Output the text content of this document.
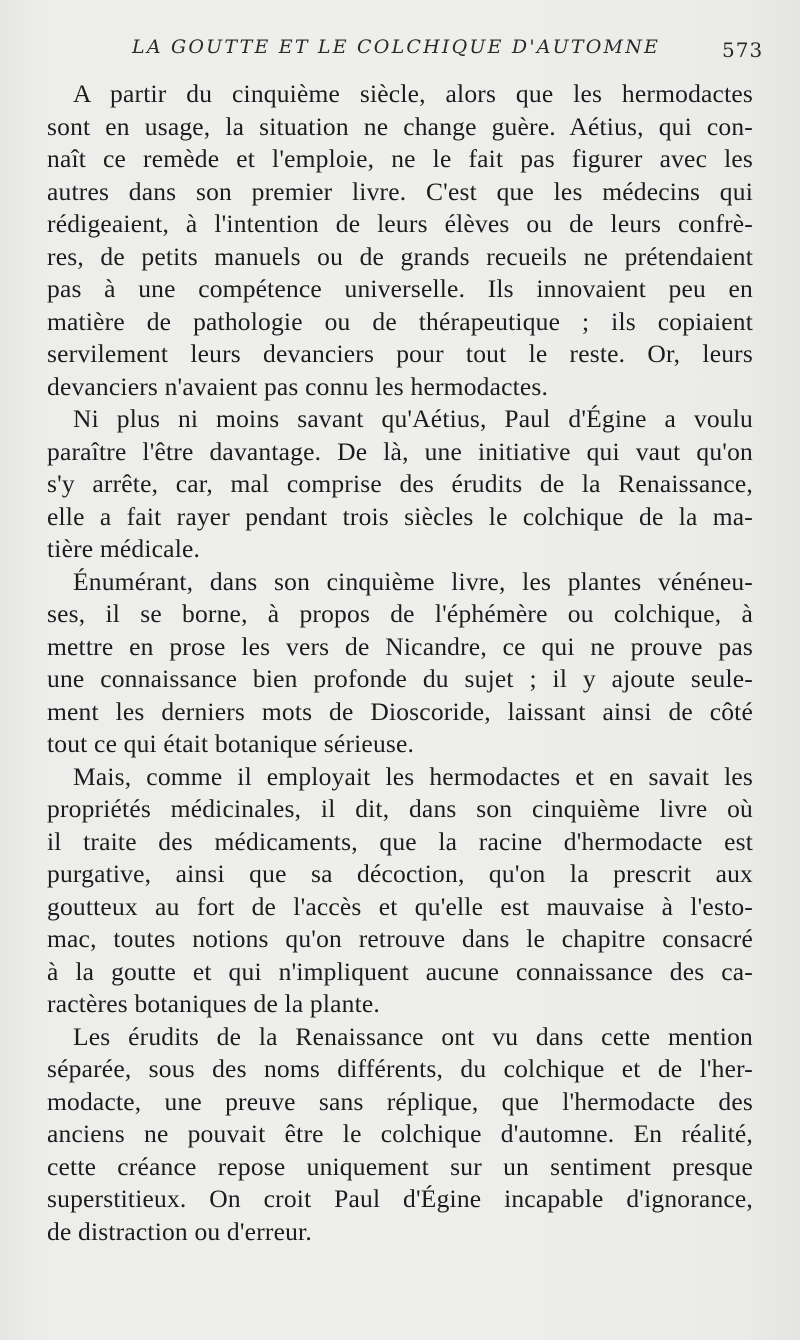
LA GOUTTE ET LE COLCHIQUE D'AUTOMNE	573
A partir du cinquième siècle, alors que les hermodactes
sont en usage, la situation ne change guère. Aétius, qui con-
naît ce remède et l'emploie, ne le fait pas figurer avec les
autres dans son premier livre. C'est que les médecins qui
rédigeaient, à l'intention de leurs élèves ou de leurs confrè-
res, de petits manuels ou de grands recueils ne prétendaient
pas à une compétence universelle. Ils innovaient peu en
matière de pathologie ou de thérapeutique ; ils copiaient
servilement leurs devanciers pour tout le reste. Or, leurs
devanciers n'avaient pas connu les hermodactes.
Ni plus ni moins savant qu'Aétius, Paul d'Égine a voulu
paraître l'être davantage. De là, une initiative qui vaut qu'on
s'y arrête, car, mal comprise des érudits de la Renaissance,
elle a fait rayer pendant trois siècles le colchique de la ma-
tière médicale.
Énumérant, dans son cinquième livre, les plantes vénéneu-
ses, il se borne, à propos de l'éphémère ou colchique, à
mettre en prose les vers de Nicandre, ce qui ne prouve pas
une connaissance bien profonde du sujet ; il y ajoute seule-
ment les derniers mots de Dioscoride, laissant ainsi de côté
tout ce qui était botanique sérieuse.
Mais, comme il employait les hermodactes et en savait les
propriétés médicinales, il dit, dans son cinquième livre où
il traite des médicaments, que la racine d'hermodacte est
purgative, ainsi que sa décoction, qu'on la prescrit aux
goutteux au fort de l'accès et qu'elle est mauvaise à l'esto-
mac, toutes notions qu'on retrouve dans le chapitre consacré
à la goutte et qui n'impliquent aucune connaissance des ca-
ractères botaniques de la plante.
Les érudits de la Renaissance ont vu dans cette mention
séparée, sous des noms différents, du colchique et de l'her-
modacte, une preuve sans réplique, que l'hermodacte des
anciens ne pouvait être le colchique d'automne. En réalité,
cette créance repose uniquement sur un sentiment presque
superstitieux. On croit Paul d'Égine incapable d'ignorance,
de distraction ou d'erreur.
